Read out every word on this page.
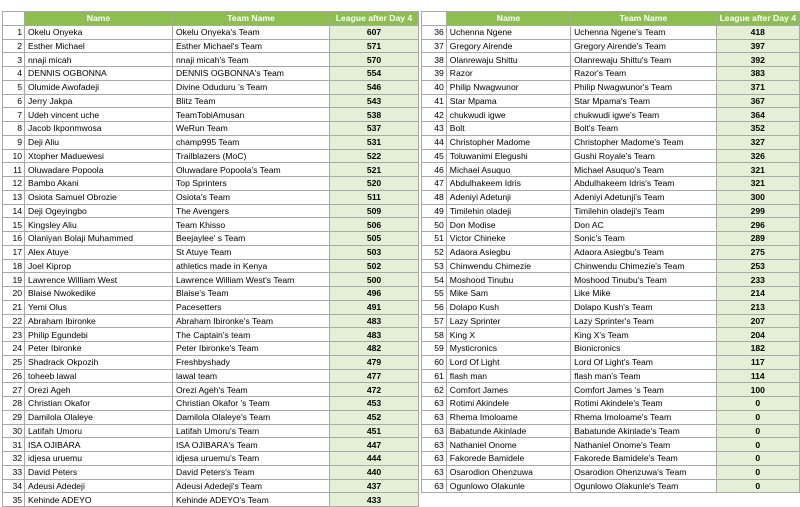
	Name	Team Name	League after Day 4
1	Okelu Onyeka	Okelu Onyeka's Team	607
2	Esther Michael	Esther Michael's Team	571
3	nnaji micah	nnaji micah's Team	570
4	DENNIS OGBONNA	DENNIS OGBONNA's Team	554
5	Olumide Awofadeji	Divine Oduduru 's Team	546
6	Jerry Jakpa	Blitz Team	543
7	Udeh vincent uche	TeamTobiAmusan	538
8	Jacob Ikponmwosa	WeRun Team	537
9	Deji Aliu	champ995 Team	531
10	Xtopher Maduewesi	Trailblazers (MoC)	522
11	Oluwadare Popoola	Oluwadare Popoola's Team	521
12	Bambo Akani	Top Sprinters	520
13	Osiota Samuel Obrozie	Osiota's Team	511
14	Deji Ogeyingbo	The Avengers	509
15	Kingsley Aliu	Team Khisso	506
16	Olaniyan Bolaji Muhammed	Beejaylee' s Team	505
17	Alex Atuye	St Atuye Team	503
18	Joel Kiprop	athletics made in Kenya	502
19	Lawrence William West	Lawrence William West's Team	500
20	Blaise Nwokedike	Blaise's Team	496
21	Yemi Olus	Pacesetters	491
22	Abraham Ibironke	Abraham Ibironke's Team	483
23	Philip Egundebi	The Captain's team	483
24	Peter Ibironke	Peter Ibironke's Team	482
25	Shadrack Okpozih	Freshbyshady	479
26	toheeb lawal	lawal team	477
27	Orezi Ageh	Orezi Ageh's Team	472
28	Christian Okafor	Christian Okafor 's Team	453
29	Damilola Olaleye	Damilola Olaleye's Team	452
30	Latifah Umoru	Latifah Umoru's Team	451
31	ISA OJIBARA	ISA OJIBARA's Team	447
32	idjesa uruemu	idjesa uruemu's Team	444
33	David Peters	David Peters's Team	440
34	Adeusi Adedeji	Adeusi Adedeji's Team	437
35	Kehinde ADEYO	Kehinde ADEYO's Team	433
	Name	Team Name	League after Day 4
36	Uchenna Ngene	Uchenna Ngene's Team	418
37	Gregory Airende	Gregory Airende's Team	397
38	Olanrewaju Shittu	Olanrewaju Shittu's Team	392
39	Razor	Razor's Team	383
40	Philip Nwagwunor	Philip Nwagwunor's Team	371
41	Star Mpama	Star Mpama's Team	367
42	chukwudi igwe	chukwudi igwe's Team	364
43	Bolt	Bolt's Team	352
44	Christopher Madome	Christopher Madome's Team	327
45	Toluwanimi Elegushi	Gushi Royale's Team	326
46	Michael Asuquo	Michael Asuquo's Team	321
47	Abdulhakeem Idris	Abdulhakeem Idris's Team	321
48	Adeniyi Adetunji	Adeniyi Adetunji's Team	300
49	Timilehin oladeji	Timilehin oladeji's Team	299
50	Don Modise	Don AC	296
51	Victor Chineke	Sonic's Team	289
52	Adaora Asiegbu	Adaora Asiegbu's Team	275
53	Chinwendu Chimezie	Chinwendu Chimezie's Team	253
54	Moshood Tinubu	Moshood Tinubu's Team	233
55	Mike Sam	Like Mike	214
56	Dolapo Kush	Dolapo Kush's Team	213
57	Lazy Sprinter	Lazy Sprinter's Team	207
58	King X	King X's Team	204
59	Mysticronics	Bionicronics	182
60	Lord Of Light	Lord Of Light's Team	117
61	flash man	flash man's Team	114
62	Comfort James	Comfort James 's Team	100
63	Rotimi Akindele	Rotimi Akindele's Team	0
63	Rhema Imoloame	Rhema Imoloame's Team	0
63	Babatunde Akinlade	Babatunde Akinlade's Team	0
63	Nathaniel Onome	Nathaniel Onome's Team	0
63	Fakorede Bamidele	Fakorede Bamidele's Team	0
63	Osarodion Ohenzuwa	Osarodion Ohenzuwa's Team	0
63	Ogunlowo Olakunle	Ogunlowo Olakunle's Team	0
